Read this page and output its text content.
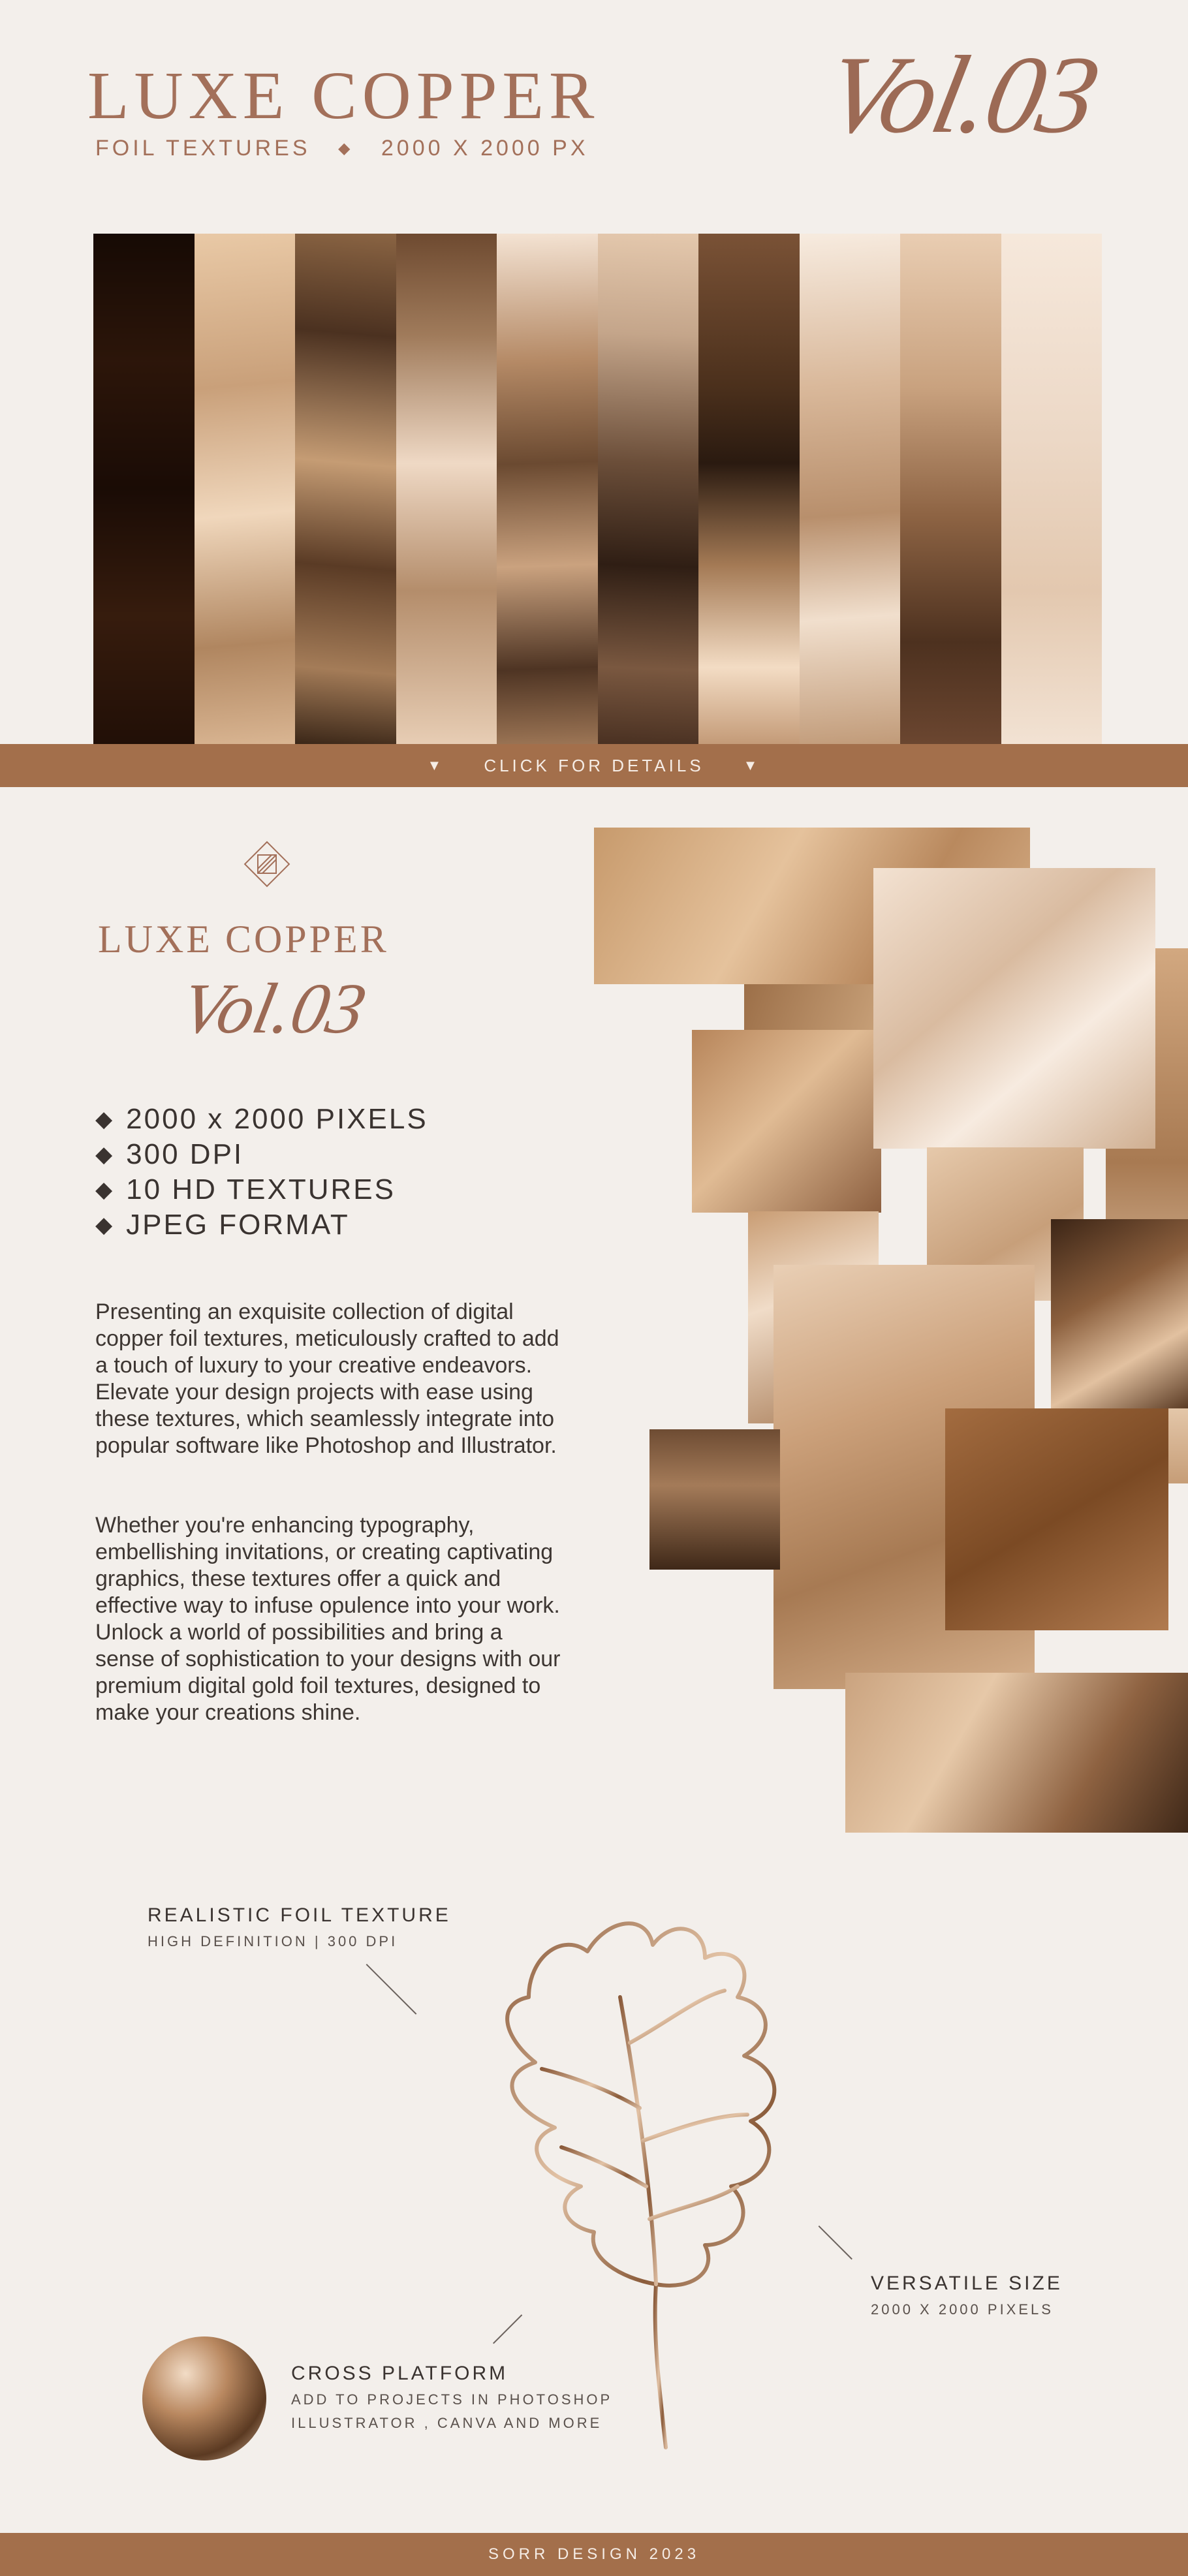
LUXE COPPER
FOIL TEXTURES ◆ 2000 X 2000 PX Vol.03
▼ CLICK FOR DETAILS	▼
LUXE COPPER
Vol.03
◆ 2000 x 2000 PIXELS
◆ 300 DPI
◆ 10 HD TEXTURES
◆ JPEG FORMAT

Presenting an exquisite collection of digital copper foil textures, meticulously crafted to add a touch of luxury to your creative endeavors. Elevate your design projects with ease using these textures, which seamlessly integrate into popular software like Photoshop and Illustrator.

Whether you're enhancing typography, embellishing invitations, or creating captivating graphics, these textures offer a quick and effective way to infuse opulence into your work. Unlock a world of possibilities and bring a sense of sophistication to your designs with our premium digital gold foil textures, designed to make your creations shine.

REALISTIC FOIL TEXTURE
HIGH DEFINITION | 300 DPI
VERSATILE SIZE
2000 X 2000 PIXELS
CROSS PLATFORM
ADD TO PROJECTS IN PHOTOSHOP
ILLUSTRATOR , CANVA AND MORE
SORR DESIGN 2023
